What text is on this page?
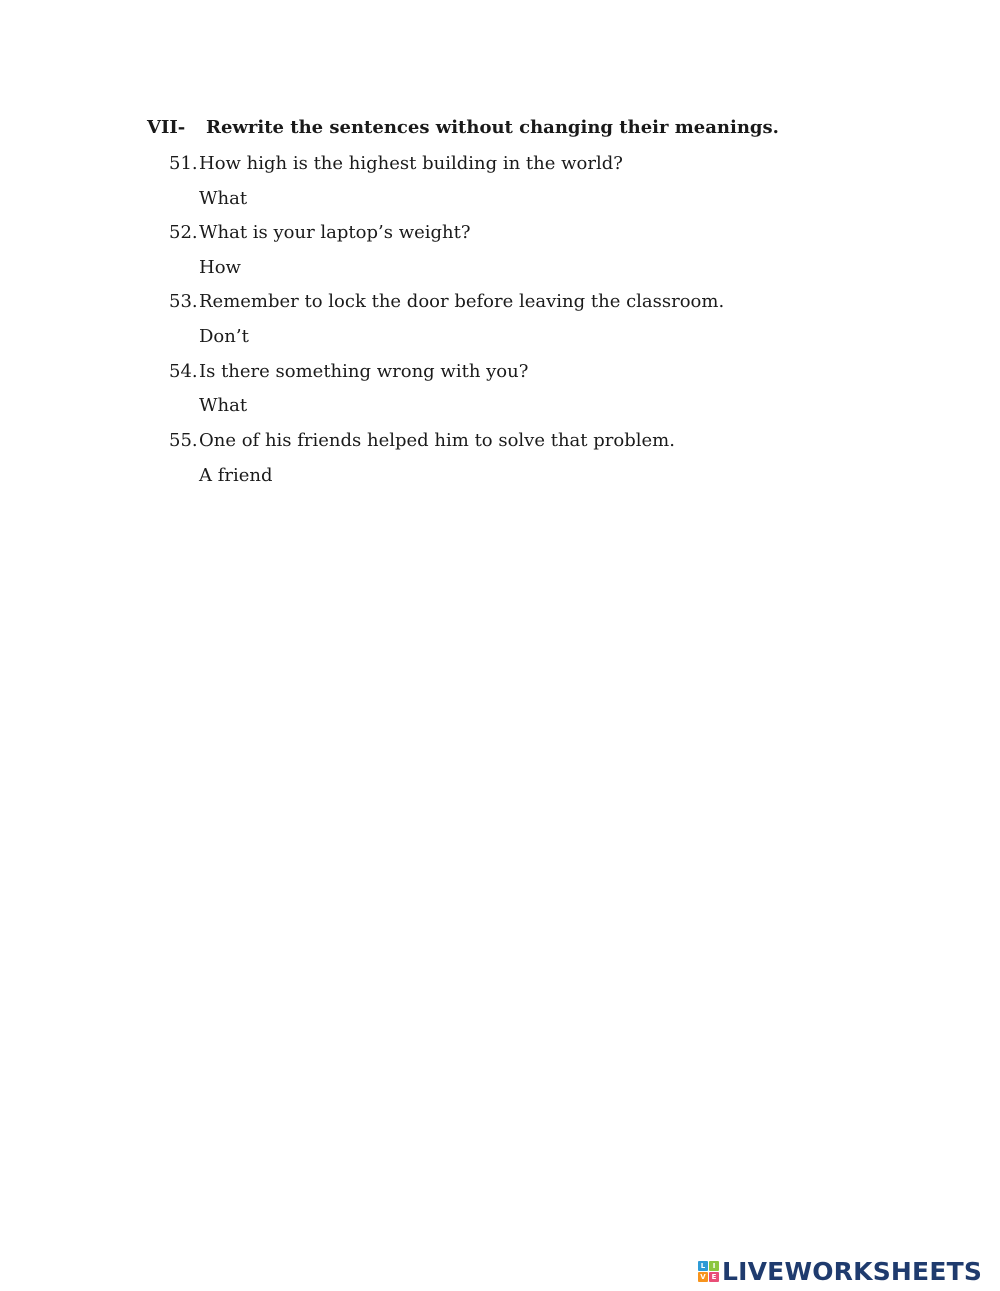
VII- Rewrite the sentences without changing their meanings.
51. How high is the highest building in the world?
What
52. What is your laptop’s weight?
How
53. Remember to lock the door before leaving the classroom.
Don’t
54. Is there something wrong with you?
What
55. One of his friends helped him to solve that problem.
A friend
L	I
V E LIVEWORKSHEETS
